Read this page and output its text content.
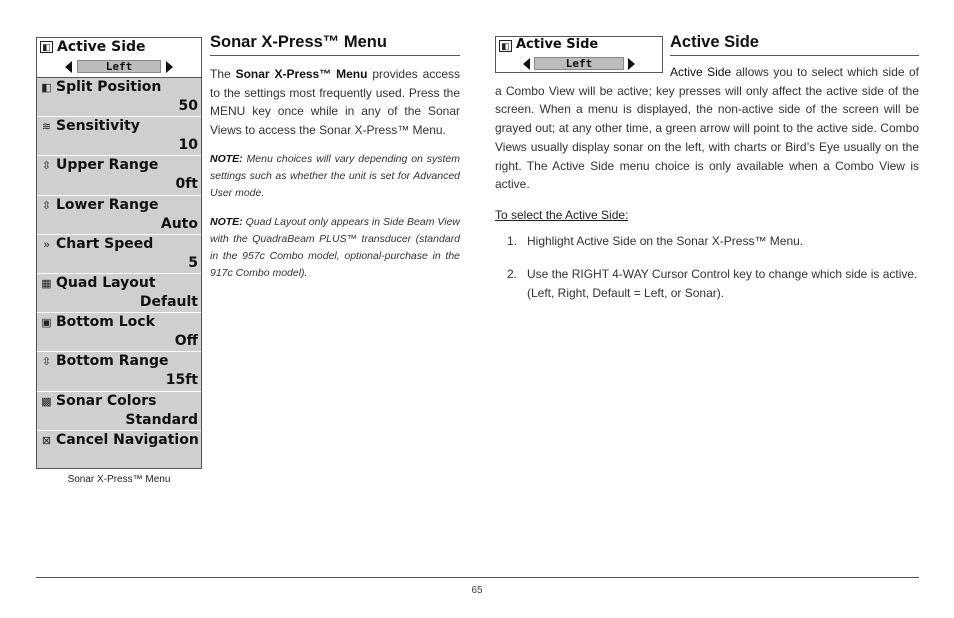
◧ Active Side
Left
◧ Split Position
50
≋ Sensitivity
10
⇳ Upper Range
0ft
⇳ Lower Range
Auto
» Chart Speed
5
▦ Quad Layout
Default
▣ Bottom Lock
Off
⇳ Bottom Range
15ft
▩ Sonar Colors
Standard
⊠ Cancel Navigation
Sonar X-Press™ Menu
Sonar X-Press™ Menu

The Sonar X-Press™ Menu provides access to the settings most frequently used. Press the MENU key once while in any of the Sonar Views to access the Sonar X-Press™ Menu.

NOTE: Menu choices will vary depending on system settings such as whether the unit is set for Advanced User mode.

NOTE: Quad Layout only appears in Side Beam View with the QuadraBeam PLUS™ transducer (standard in the 957c Combo model, optional-purchase in the 917c Combo model).

◧ Active Side
Left
Active Side

Active Side allows you to select which side of a Combo View will be active; key presses will only affect the active side of the screen. When a menu is displayed, the non-active side of the screen will be grayed out; at any other time, a green arrow will point to the active side. Combo Views usually display sonar on the left, with charts or Bird’s Eye usually on the right. The Active Side menu choice is only available when a Combo View is active.

To select the Active Side:
1. Highlight Active Side on the Sonar X-Press™ Menu.
2. Use the RIGHT 4-WAY Cursor Control key to change which side is active. (Left, Right, Default = Left, or Sonar).
65
